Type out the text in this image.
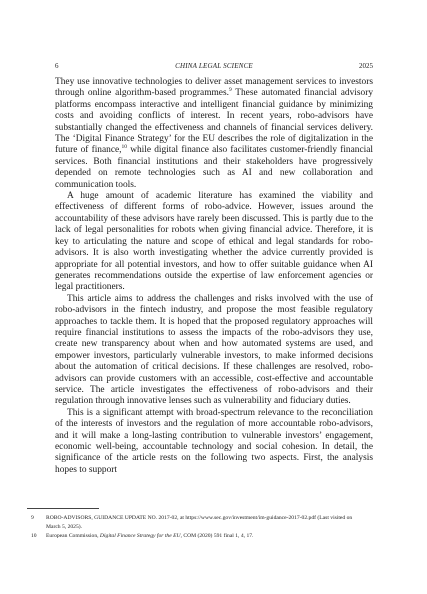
6	CHINA LEGAL SCIENCE	2025

They use innovative technologies to deliver asset management services to investors through online algorithm-based programmes.$^9$ These automated financial advisory platforms encompass interactive and intelligent financial guidance by minimizing costs and avoiding conflicts of interest. In recent years, robo-advisors have substantially changed the effectiveness and channels of financial services delivery. The ‘Digital Finance Strategy’ for the EU describes the role of digitalization in the future of finance,$^{10}$ while digital finance also facilitates customer-friendly financial services. Both financial institutions and their stakeholders have progressively depended on remote technologies such as AI and new collaboration and communication tools.

A huge amount of academic literature has examined the viability and effectiveness of different forms of robo-advice. However, issues around the accountability of these advisors have rarely been discussed. This is partly due to the lack of legal personalities for robots when giving financial advice. Therefore, it is key to articulating the nature and scope of ethical and legal standards for robo-advisors. It is also worth investigating whether the advice currently provided is appropriate for all potential investors, and how to offer suitable guidance when AI generates recommendations outside the expertise of law enforcement agencies or legal practitioners.

This article aims to address the challenges and risks involved with the use of robo-advisors in the fintech industry, and propose the most feasible regulatory approaches to tackle them. It is hoped that the proposed regulatory approaches will require financial institutions to assess the impacts of the robo-advisors they use, create new transparency about when and how automated systems are used, and empower investors, particularly vulnerable investors, to make informed decisions about the automation of critical decisions. If these challenges are resolved, robo-advisors can provide customers with an accessible, cost-effective and accountable service. The article investigates the effectiveness of robo-advisors and their regulation through innovative lenses such as vulnerability and fiduciary duties.

This is a significant attempt with broad-spectrum relevance to the reconciliation of the interests of investors and the regulation of more accountable robo-advisors, and it will make a long-lasting contribution to vulnerable investors’ engagement, economic well-being, accountable technology and social cohesion. In detail, the significance of the article rests on the following two aspects. First, the analysis hopes to support

9 ROBO-ADVISORS, GUIDANCE UPDATE NO. 2017-02, at https://www.sec.gov/investment/im-guidance-2017-02.pdf (Last visited on March 5, 2025).
10 European Commission, Digital Finance Strategy for the EU, COM (2020) 591 final 1, 4, 17.
